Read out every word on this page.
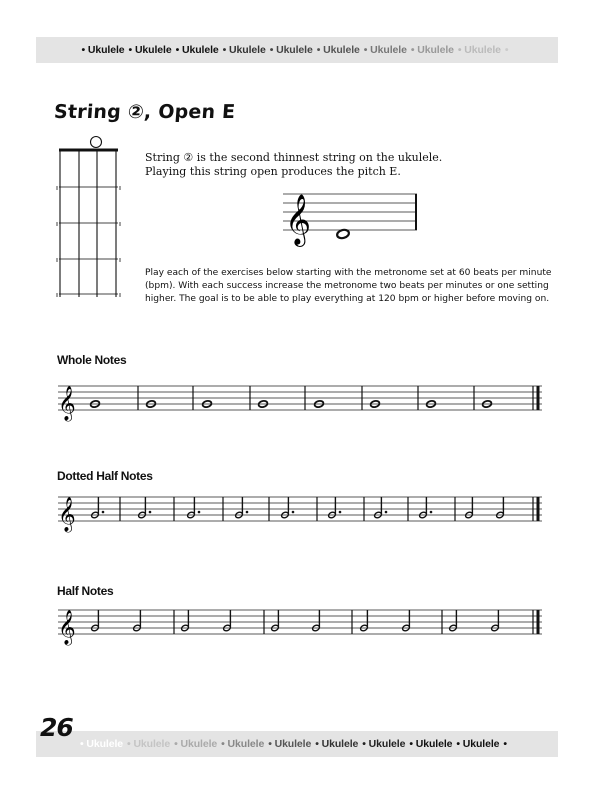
• Ukulele • Ukulele • Ukulele • Ukulele • Ukulele • Ukulele • Ukulele • Ukulele • Ukulele •
String ②, Open E
String ② is the second thinnest string on the ukulele.
Playing this string open produces the pitch E.
𝄞
Play each of the exercises below starting with the metronome set at 60 beats per minute (bpm). With each success increase the metronome two beats per minutes or one setting higher. The goal is to be able to play everything at 120 bpm or higher before moving on.
Whole Notes
𝄞
Dotted Half Notes
𝄞
Half Notes
𝄞
• Ukulele • Ukulele • Ukulele • Ukulele • Ukulele • Ukulele • Ukulele • Ukulele • Ukulele •
26
